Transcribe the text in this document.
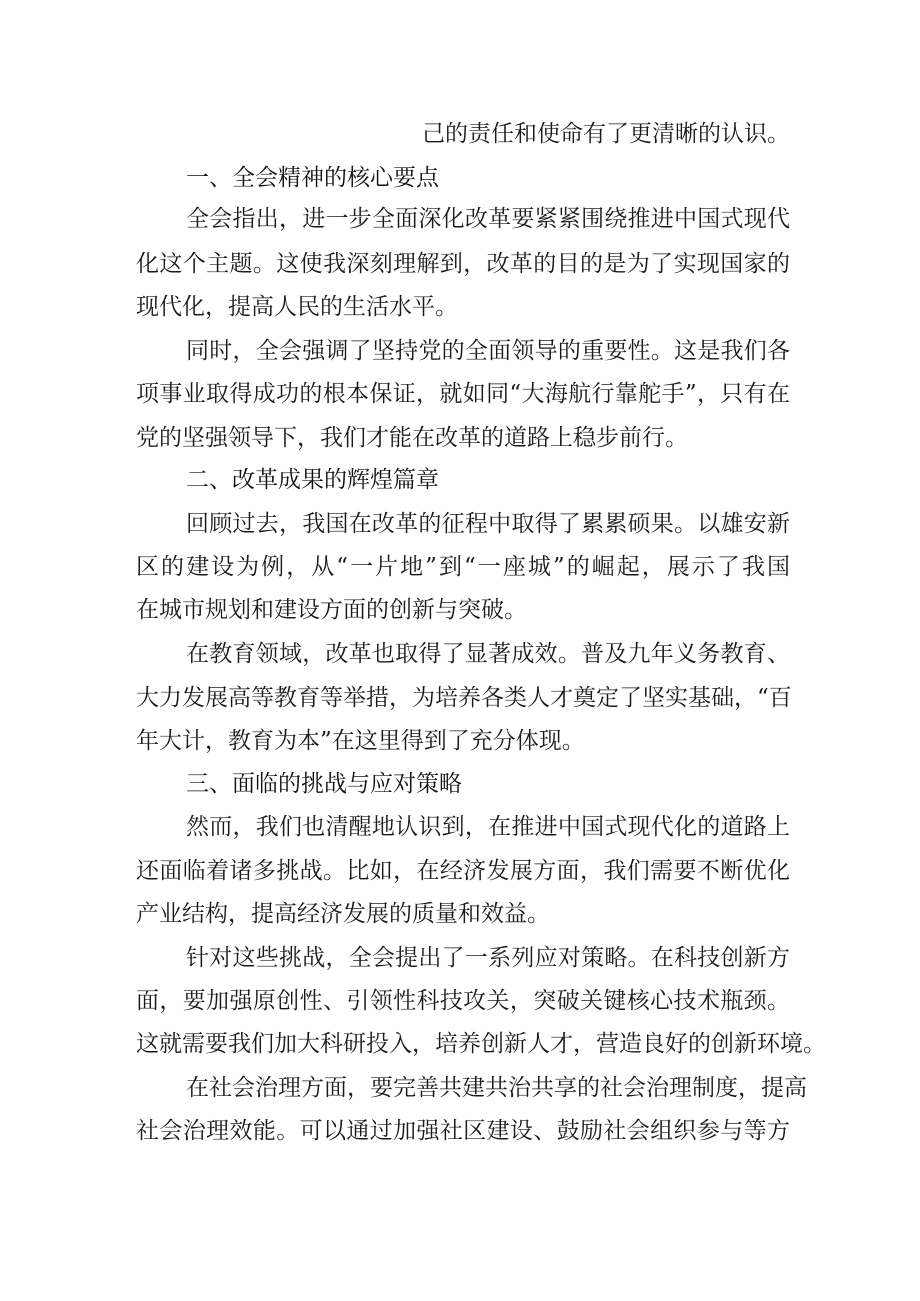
己的责任和使命有了更清晰的认识。
一、全会精神的核心要点
全会指出，进一步全面深化改革要紧紧围绕推进中国式现代
化这个主题。这使我深刻理解到，改革的目的是为了实现国家的
现代化，提高人民的生活水平。
同时，全会强调了坚持党的全面领导的重要性。这是我们各
项事业取得成功的根本保证，就如同“大海航行靠舵手”，只有在
党的坚强领导下，我们才能在改革的道路上稳步前行。
二、改革成果的辉煌篇章
回顾过去，我国在改革的征程中取得了累累硕果。以雄安新
区的建设为例，从“一片地”到“一座城”的崛起，展示了我国
在城市规划和建设方面的创新与突破。
在教育领域，改革也取得了显著成效。普及九年义务教育、
大力发展高等教育等举措，为培养各类人才奠定了坚实基础，“百
年大计，教育为本”在这里得到了充分体现。
三、面临的挑战与应对策略
然而，我们也清醒地认识到，在推进中国式现代化的道路上
还面临着诸多挑战。比如，在经济发展方面，我们需要不断优化
产业结构，提高经济发展的质量和效益。
针对这些挑战，全会提出了一系列应对策略。在科技创新方
面，要加强原创性、引领性科技攻关，突破关键核心技术瓶颈。
这就需要我们加大科研投入，培养创新人才，营造良好的创新环境。
在社会治理方面，要完善共建共治共享的社会治理制度，提高
社会治理效能。可以通过加强社区建设、鼓励社会组织参与等方
